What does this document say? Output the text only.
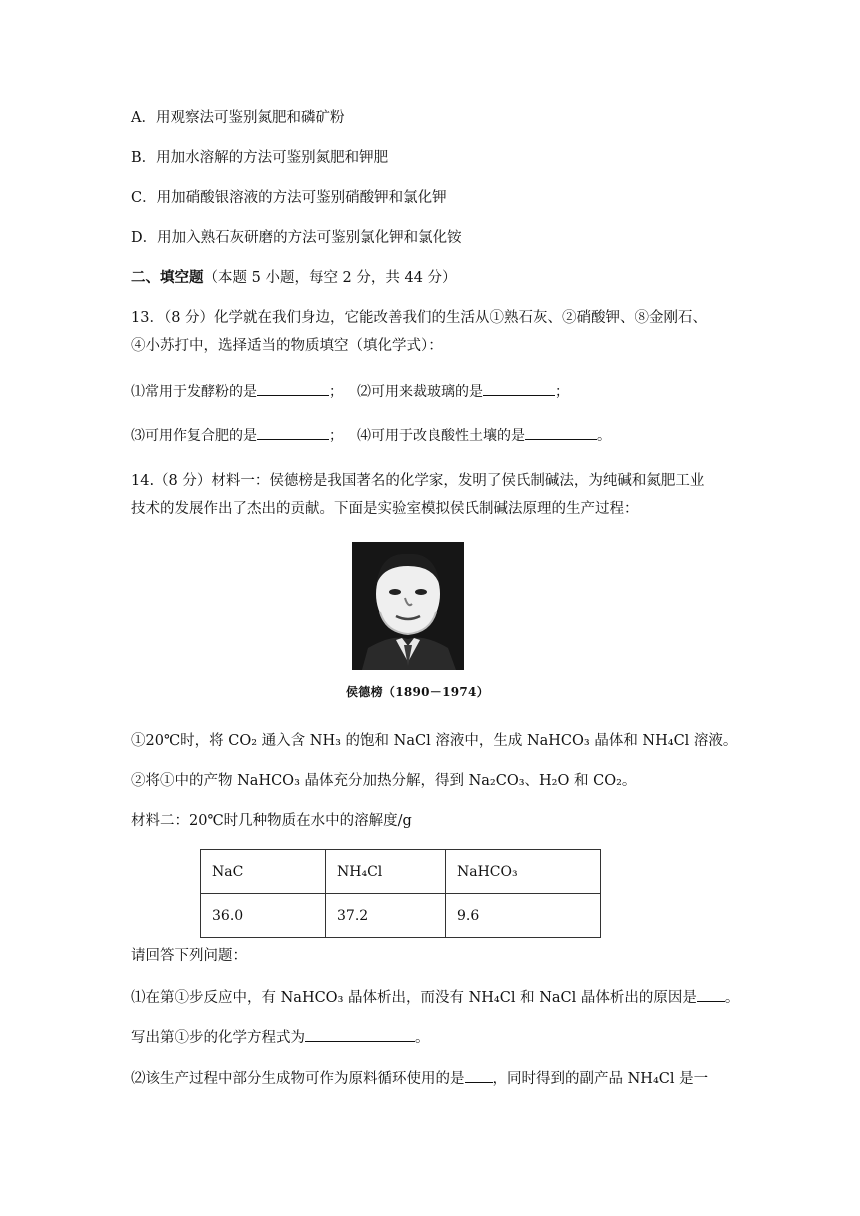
A．用观察法可鉴别氮肥和磷矿粉
B．用加水溶解的方法可鉴别氮肥和钾肥
C．用加硝酸银溶液的方法可鉴别硝酸钾和氯化钾
D．用加入熟石灰研磨的方法可鉴别氯化钾和氯化铵
二、填空题（本题 5 小题，每空 2 分，共 44 分）
13．（8 分）化学就在我们身边，它能改善我们的生活从①熟石灰、②硝酸钾、⑧金刚石、
④小苏打中，选择适当的物质填空（填化学式）：
⑴常用于发酵粉的是	； ⑵可用来裁玻璃的是	；
⑶可用作复合肥的是	； ⑷可用于改良酸性土壤的是	。
14.（8 分）材料一：侯德榜是我国著名的化学家，发明了侯氏制碱法，为纯碱和氮肥工业
技术的发展作出了杰出的贡献。下面是实验室模拟侯氏制碱法原理的生产过程：
侯德榜（1890－1974）
①20℃时，将 CO₂ 通入含 NH₃ 的饱和 NaCl 溶液中，生成 NaHCO₃ 晶体和 NH₄Cl 溶液。
②将①中的产物 NaHCO₃ 晶体充分加热分解，得到 Na₂CO₃、H₂O 和 CO₂。
材料二：20℃时几种物质在水中的溶解度/g
NaC	NH₄Cl	NaHCO₃
36.0	37.2	9.6
请回答下列问题：
⑴在第①步反应中，有 NaHCO₃ 晶体析出，而没有 NH₄Cl 和 NaCl 晶体析出的原因是 。
写出第①步的化学方程式为	。
⑵该生产过程中部分生成物可作为原料循环使用的是 ，同时得到的副产品 NH₄Cl 是一
